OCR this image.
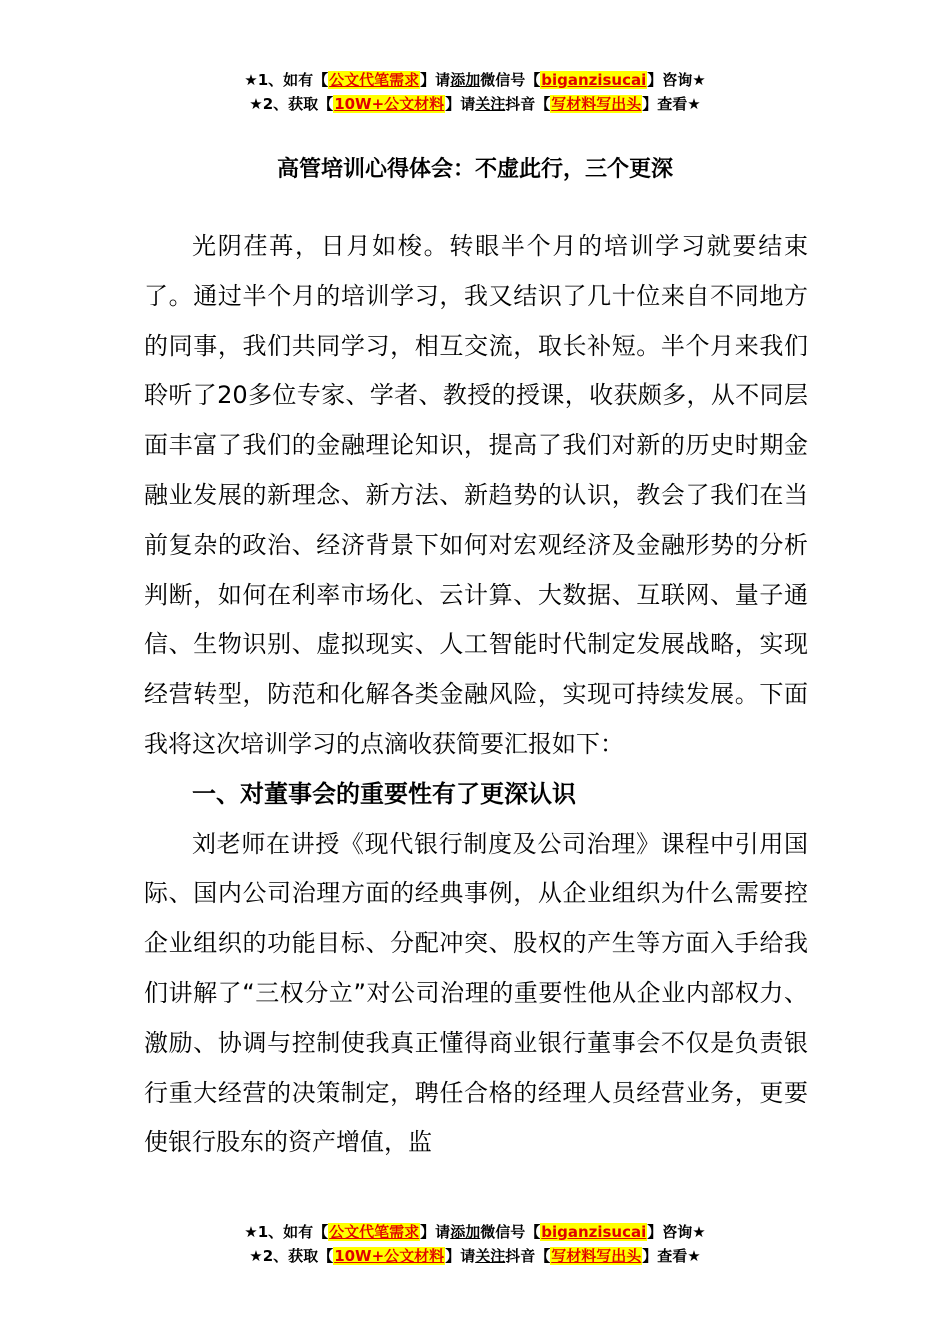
★1、如有【公文代笔需求】请添加微信号【biganzisucai】咨询★
★2、获取【10W+公文材料】请关注抖音【写材料写出头】查看★
高管培训心得体会：不虚此行，三个更深

光阴荏苒，日月如梭。转眼半个月的培训学习就要结束了。通过半个月的培训学习，我又结识了几十位来自不同地方的同事，我们共同学习，相互交流，取长补短。半个月来我们聆听了20多位专家、学者、教授的授课，收获颇多，从不同层面丰富了我们的金融理论知识，提高了我们对新的历史时期金融业发展的新理念、新方法、新趋势的认识，教会了我们在当前复杂的政治、经济背景下如何对宏观经济及金融形势的分析判断，如何在利率市场化、云计算、大数据、互联网、量子通信、生物识别、虚拟现实、人工智能时代制定发展战略，实现经营转型，防范和化解各类金融风险，实现可持续发展。下面我将这次培训学习的点滴收获简要汇报如下：

一、对董事会的重要性有了更深认识

刘老师在讲授《现代银行制度及公司治理》课程中引用国际、国内公司治理方面的经典事例，从企业组织为什么需要控企业组织的功能目标、分配冲突、股权的产生等方面入手给我们讲解了“三权分立”对公司治理的重要性他从企业内部权力、激励、协调与控制使我真正懂得商业银行董事会不仅是负责银行重大经营的决策制定，聘任合格的经理人员经营业务，更要使银行股东的资产增值，监

★1、如有【公文代笔需求】请添加微信号【biganzisucai】咨询★
★2、获取【10W+公文材料】请关注抖音【写材料写出头】查看★
